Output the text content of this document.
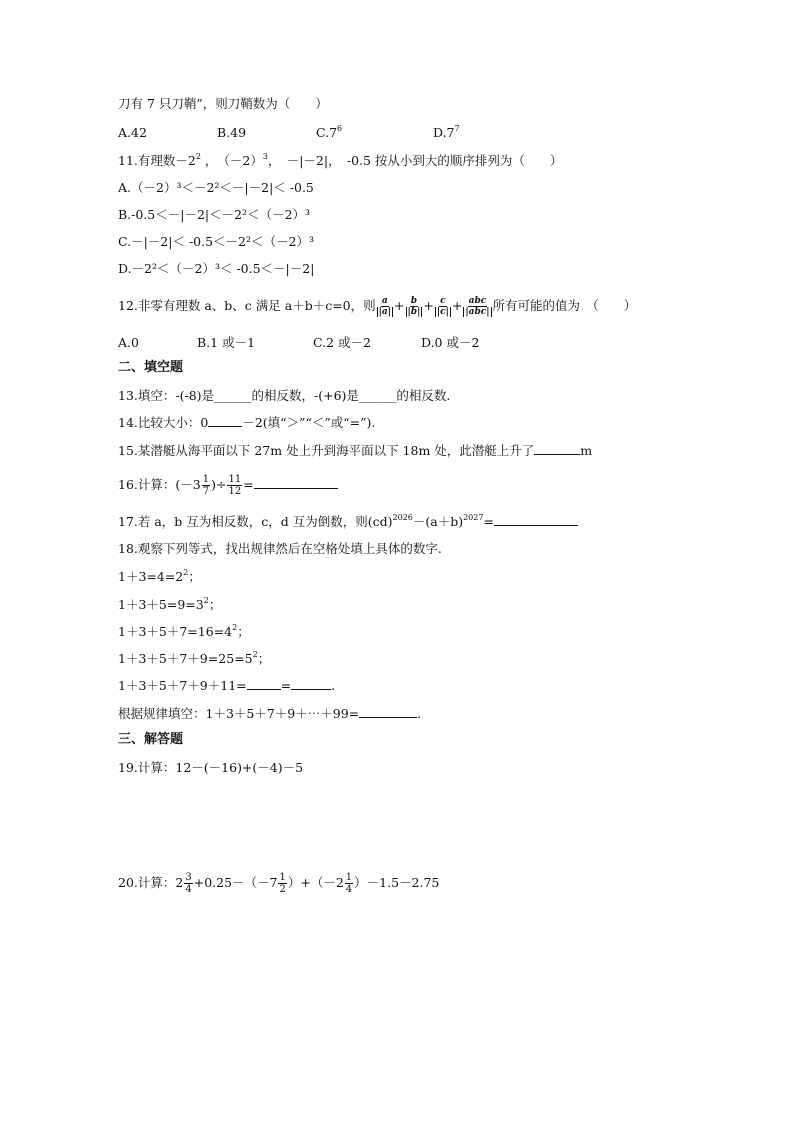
刀有 7 只刀鞘”，则刀鞘数为（　　）
A.42	B.49	$C.7^6$	$D.7^7$
11.有理数$-2^2$ ，　$(-2)^3$，　－|－2|，　-0.5 按从小到大的顺序排列为（　　）
A.（－2）³＜－2²＜－|－2|＜ -0.5
B.-0.5＜－|－2|＜－2²＜（－2）³
C.－|－2|＜ -0.5＜－2²＜（－2）³
D.－2²＜（－2）³＜ -0.5＜－|－2|
12.非零有理数 a、b、c 满足 a＋b＋c=0，则 $\frac{a}{|a|} + \frac{b}{|b|} + \frac{c}{|c|} + \frac{\text{abc}}{\text{|abc|}}$ 所有可能的值为　（　　）
A.0	B.1 或－1	C.2 或－2	D.0 或－2
二、填空题
13.填空：-(-8)是______的相反数，-(+6)是______的相反数.
14.比较大小：0	－2(填“＞”“＜”或“=”).
15.某潜艇从海平面以下 27m 处上升到海平面以下 18m 处，此潜艇上升了	m
16.计算：($-3 \frac{1}{7}$ )÷ $\frac{11}{12}$ =
17.若 a，b 互为相反数，c，d 互为倒数，则$(cd)^{2026}-(a+b)^{2027}=$
18.观察下列等式，找出规律然后在空格处填上具体的数字.
$1+3=4=2^2$；
$1+3+5=9=3^2$；
$1+3+5+7=16=4^2$；
$1+3+5+7+9=25=5^2$；
1＋3＋5＋7＋9＋11=	=	.
根据规律填空：1＋3＋5＋7＋9＋⋯＋99=	.
三、解答题
19.计算：12－(－16)+(－4)－5
20.计算：$2 \frac{3}{4} +0.25-(-7 \frac{1}{2} )+(-2 \frac{1}{4} )-1.5-2.75$
